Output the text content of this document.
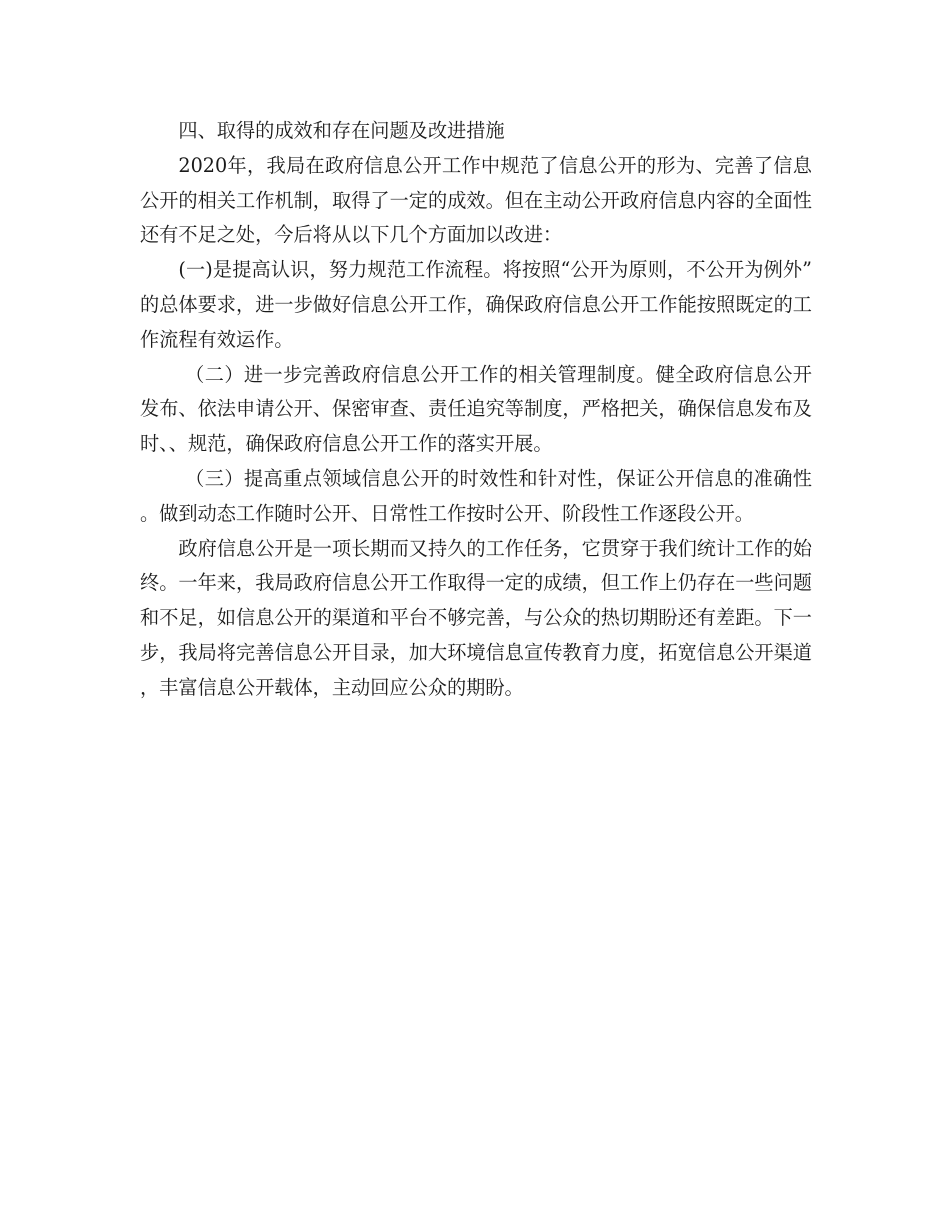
四、取得的成效和存在问题及改进措施

2020年，我局在政府信息公开工作中规范了信息公开的形为、完善了信息公开的相关工作机制，取得了一定的成效。但在主动公开政府信息内容的全面性还有不足之处，今后将从以下几个方面加以改进：

(一)是提高认识，努力规范工作流程。将按照“公开为原则，不公开为例外”的总体要求，进一步做好信息公开工作，确保政府信息公开工作能按照既定的工作流程有效运作。

（二）进一步完善政府信息公开工作的相关管理制度。健全政府信息公开发布、依法申请公开、保密审查、责任追究等制度，严格把关，确保信息发布及时、、规范，确保政府信息公开工作的落实开展。

（三）提高重点领域信息公开的时效性和针对性，保证公开信息的准确性。做到动态工作随时公开、日常性工作按时公开、阶段性工作逐段公开。

政府信息公开是一项长期而又持久的工作任务，它贯穿于我们统计工作的始终。一年来，我局政府信息公开工作取得一定的成绩，但工作上仍存在一些问题和不足，如信息公开的渠道和平台不够完善，与公众的热切期盼还有差距。下一步，我局将完善信息公开目录，加大环境信息宣传教育力度，拓宽信息公开渠道，丰富信息公开载体，主动回应公众的期盼。
